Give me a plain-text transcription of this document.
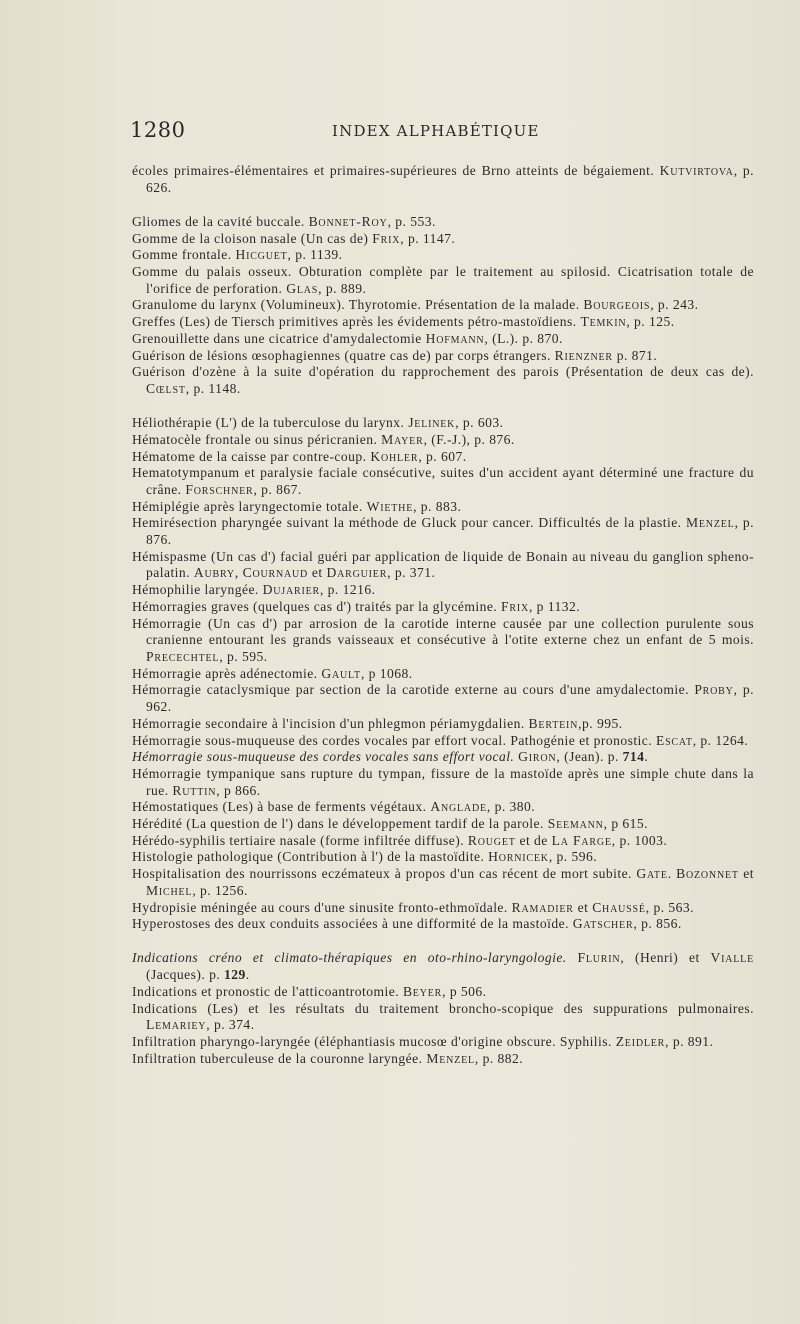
1280	INDEX ALPHABÉTIQUE
écoles primaires-élémentaires et primaires-supérieures de Brno atteints de bégaiement. Kutvirtova, p. 626.
Gliomes de la cavité buccale. Bonnet-Roy, p. 553.
Gomme de la cloison nasale (Un cas de) Frix, p. 1147.
Gomme frontale. Hicguet, p. 1139.
Gomme du palais osseux. Obturation complète par le traitement au spilosid. Cicatrisation totale de l'orifice de perforation. Glas, p. 889.
Granulome du larynx (Volumineux). Thyrotomie. Présentation de la malade. Bourgeois, p. 243.
Greffes (Les) de Tiersch primitives après les évidements pétro-mastoïdiens. Temkin, p. 125.
Grenouillette dans une cicatrice d'amydalectomie Hofmann, (L.). p. 870.
Guérison de lésions œsophagiennes (quatre cas de) par corps étrangers. Rienzner p. 871.
Guérison d'ozène à la suite d'opération du rapprochement des parois (Présentation de deux cas de). Cœlst, p. 1148.
Héliothérapie (L') de la tuberculose du larynx. Jelinek, p. 603.
Hématocèle frontale ou sinus péricranien. Mayer, (F.-J.), p. 876.
Hématome de la caisse par contre-coup. Kohler, p. 607.
Hematotympanum et paralysie faciale consécutive, suites d'un accident ayant déterminé une fracture du crâne. Forschner, p. 867.
Hémiplégie après laryngectomie totale. Wiethe, p. 883.
Hemirésection pharyngée suivant la méthode de Gluck pour cancer. Difficultés de la plastie. Menzel, p. 876.
Hémispasme (Un cas d') facial guéri par application de liquide de Bonain au niveau du ganglion spheno-palatin. Aubry, Cournaud et Darguier, p. 371.
Hémophilie laryngée. Dujarier, p. 1216.
Hémorragies graves (quelques cas d') traités par la glycémine. Frix, p 1132.
Hémorragie (Un cas d') par arrosion de la carotide interne causée par une collection purulente sous cranienne entourant les grands vaisseaux et consécutive à l'otite externe chez un enfant de 5 mois. Precechtel, p. 595.
Hémorragie après adénectomie. Gault, p 1068.
Hémorragie cataclysmique par section de la carotide externe au cours d'une amydalectomie. Proby, p. 962.
Hémorragie secondaire à l'incision d'un phlegmon périamygdalien. Bertein,p. 995.
Hémorragie sous-muqueuse des cordes vocales par effort vocal. Pathogénie et pronostic. Escat, p. 1264.
Hémorragie sous-muqueuse des cordes vocales sans effort vocal. Giron, (Jean). p. 714.
Hémorragie tympanique sans rupture du tympan, fissure de la mastoïde après une simple chute dans la rue. Ruttin, p 866.
Hémostatiques (Les) à base de ferments végétaux. Anglade, p. 380.
Hérédité (La question de l') dans le développement tardif de la parole. Seemann, p 615.
Hérédo-syphilis tertiaire nasale (forme infiltrée diffuse). Rouget et de La Farge, p. 1003.
Histologie pathologique (Contribution à l') de la mastoïdite. Hornicek, p. 596.
Hospitalisation des nourrissons eczémateux à propos d'un cas récent de mort subite. Gate. Bozonnet et Michel, p. 1256.
Hydropisie méningée au cours d'une sinusite fronto-ethmoïdale. Ramadier et Chaussé, p. 563.
Hyperostoses des deux conduits associées à une difformité de la mastoïde. Gatscher, p. 856.
Indications créno et climato-thérapiques en oto-rhino-laryngologie. Flurin, (Henri) et Vialle (Jacques). p. 129.
Indications et pronostic de l'atticoantrotomie. Beyer, p 506.
Indications (Les) et les résultats du traitement broncho-scopique des suppurations pulmonaires. Lemariey, p. 374.
Infiltration pharyngo-laryngée (éléphantiasis mucosœ d'origine obscure. Syphilis. Zeidler, p. 891.
Infiltration tuberculeuse de la couronne laryngée. Menzel, p. 882.
